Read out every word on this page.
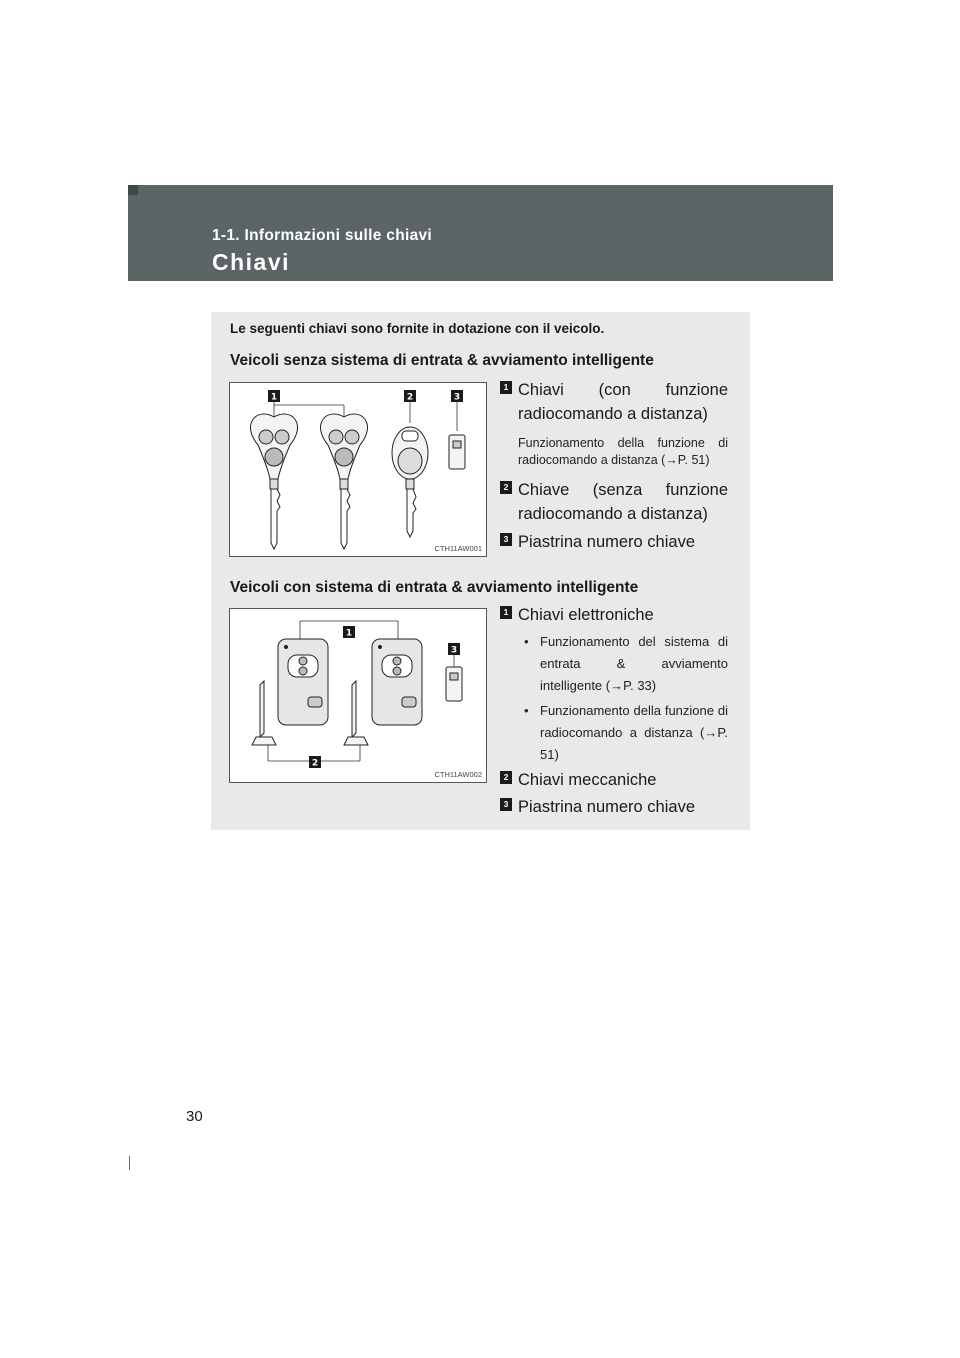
1-1. Informazioni sulle chiavi

Chiavi

Le seguenti chiavi sono fornite in dotazione con il veicolo.

Veicoli senza sistema di entrata & avviamento intelligente
1	2	3
CTH11AW001
1 Chiavi (con funzione radiocomando a distanza)
Funzionamento della funzione di radiocomando a distanza (→P. 51)
2 Chiave (senza funzione radiocomando a distanza)
3 Piastrina numero chiave
Veicoli con sistema di entrata & avviamento intelligente
1
3
2
CTH11AW002
1 Chiavi elettroniche
• Funzionamento del sistema di entrata & avviamento intelligente (→P. 33)
• Funzionamento della funzione di radiocomando a distanza (→P. 51)
2 Chiavi meccaniche
3 Piastrina numero chiave

30
